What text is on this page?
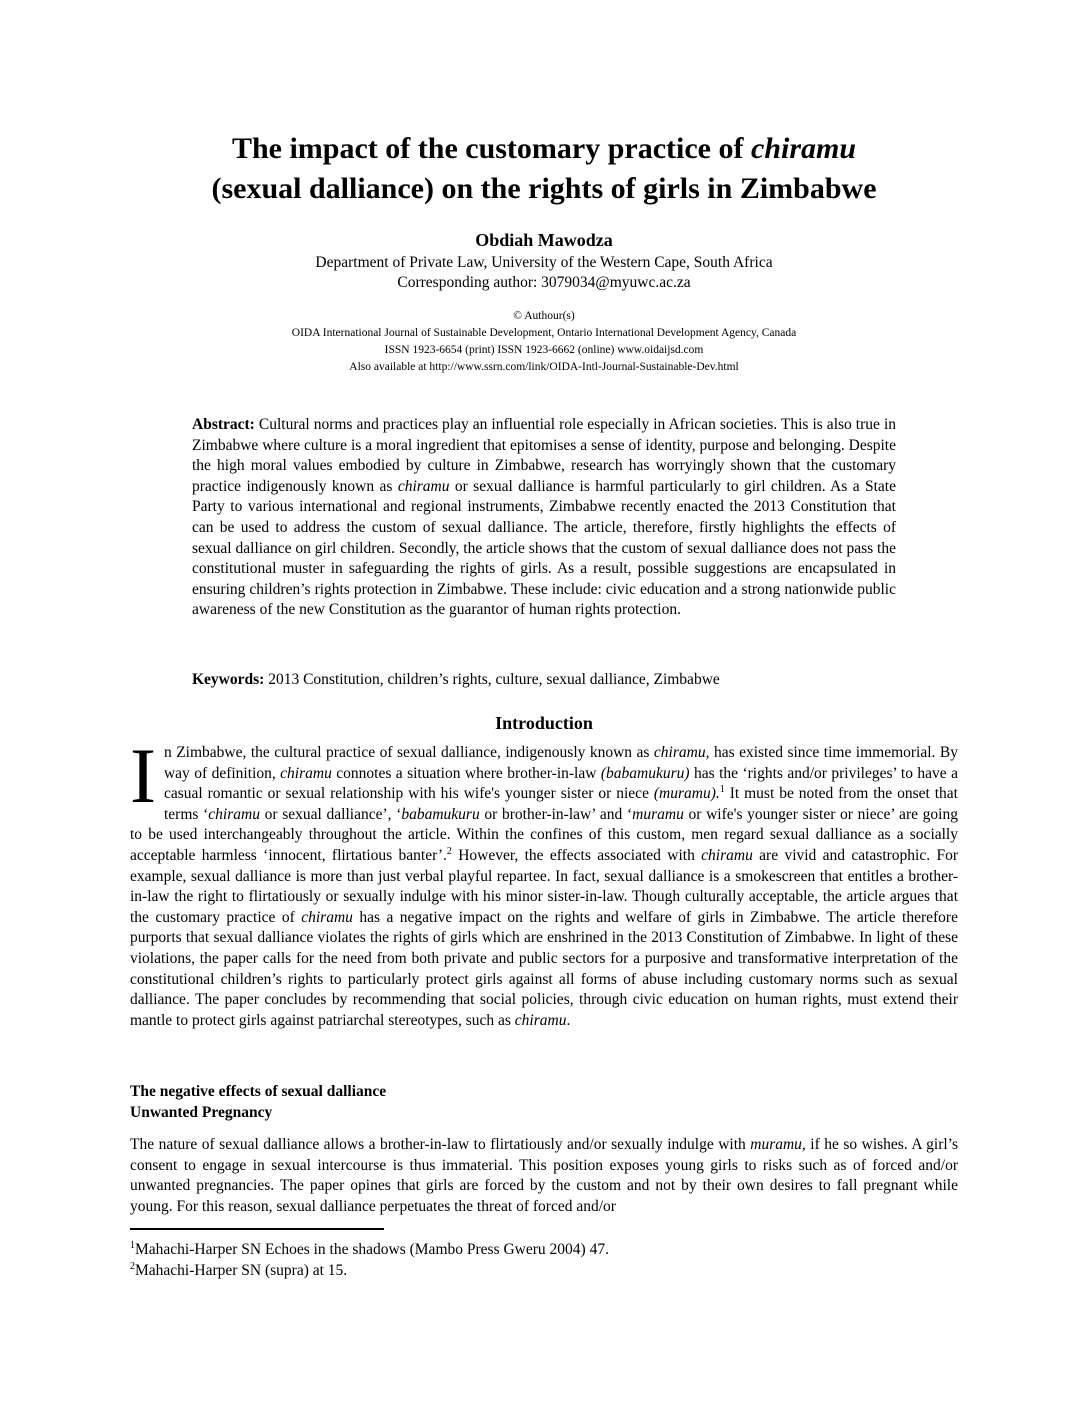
The impact of the customary practice of chiramu
(sexual dalliance) on the rights of girls in Zimbabwe
Obdiah Mawodza
Department of Private Law, University of the Western Cape, South Africa
Corresponding author: 3079034@myuwc.ac.za
© Authour(s)
OIDA International Journal of Sustainable Development, Ontario International Development Agency, Canada
ISSN 1923-6654 (print) ISSN 1923-6662 (online) www.oidaijsd.com
Also available at http://www.ssrn.com/link/OIDA-Intl-Journal-Sustainable-Dev.html

Abstract: Cultural norms and practices play an influential role especially in African societies. This is also true in Zimbabwe where culture is a moral ingredient that epitomises a sense of identity, purpose and belonging. Despite the high moral values embodied by culture in Zimbabwe, research has worryingly shown that the customary practice indigenously known as chiramu or sexual dalliance is harmful particularly to girl children. As a State Party to various international and regional instruments, Zimbabwe recently enacted the 2013 Constitution that can be used to address the custom of sexual dalliance. The article, therefore, firstly highlights the effects of sexual dalliance on girl children. Secondly, the article shows that the custom of sexual dalliance does not pass the constitutional muster in safeguarding the rights of girls. As a result, possible suggestions are encapsulated in ensuring children’s rights protection in Zimbabwe. These include: civic education and a strong nationwide public awareness of the new Constitution as the guarantor of human rights protection.

Keywords: 2013 Constitution, children’s rights, culture, sexual dalliance, Zimbabwe

Introduction

In Zimbabwe, the cultural practice of sexual dalliance, indigenously known as chiramu, has existed since time immemorial. By way of definition, chiramu connotes a situation where brother-in-law (babamukuru) has the ‘rights and/or privileges’ to have a casual romantic or sexual relationship with his wife's younger sister or niece (muramu).$^1$ It must be noted from the onset that terms ‘chiramu or sexual dalliance’, ‘babamukuru or brother-in-law’ and ‘muramu or wife's younger sister or niece’ are going to be used interchangeably throughout the article. Within the confines of this custom, men regard sexual dalliance as a socially acceptable harmless ‘innocent, flirtatious banter’.$^2$ However, the effects associated with chiramu are vivid and catastrophic. For example, sexual dalliance is more than just verbal playful repartee. In fact, sexual dalliance is a smokescreen that entitles a brother-in-law the right to flirtatiously or sexually indulge with his minor sister-in-law. Though culturally acceptable, the article argues that the customary practice of chiramu has a negative impact on the rights and welfare of girls in Zimbabwe. The article therefore purports that sexual dalliance violates the rights of girls which are enshrined in the 2013 Constitution of Zimbabwe. In light of these violations, the paper calls for the need from both private and public sectors for a purposive and transformative interpretation of the constitutional children’s rights to particularly protect girls against all forms of abuse including customary norms such as sexual dalliance. The paper concludes by recommending that social policies, through civic education on human rights, must extend their mantle to protect girls against patriarchal stereotypes, such as chiramu.

The negative effects of sexual dalliance
Unwanted Pregnancy

The nature of sexual dalliance allows a brother-in-law to flirtatiously and/or sexually indulge with muramu, if he so wishes. A girl’s consent to engage in sexual intercourse is thus immaterial. This position exposes young girls to risks such as of forced and/or unwanted pregnancies. The paper opines that girls are forced by the custom and not by their own desires to fall pregnant while young. For this reason, sexual dalliance perpetuates the threat of forced and/or

$^1$Mahachi-Harper SN Echoes in the shadows (Mambo Press Gweru 2004) 47.

$^2$Mahachi-Harper SN (supra) at 15.
